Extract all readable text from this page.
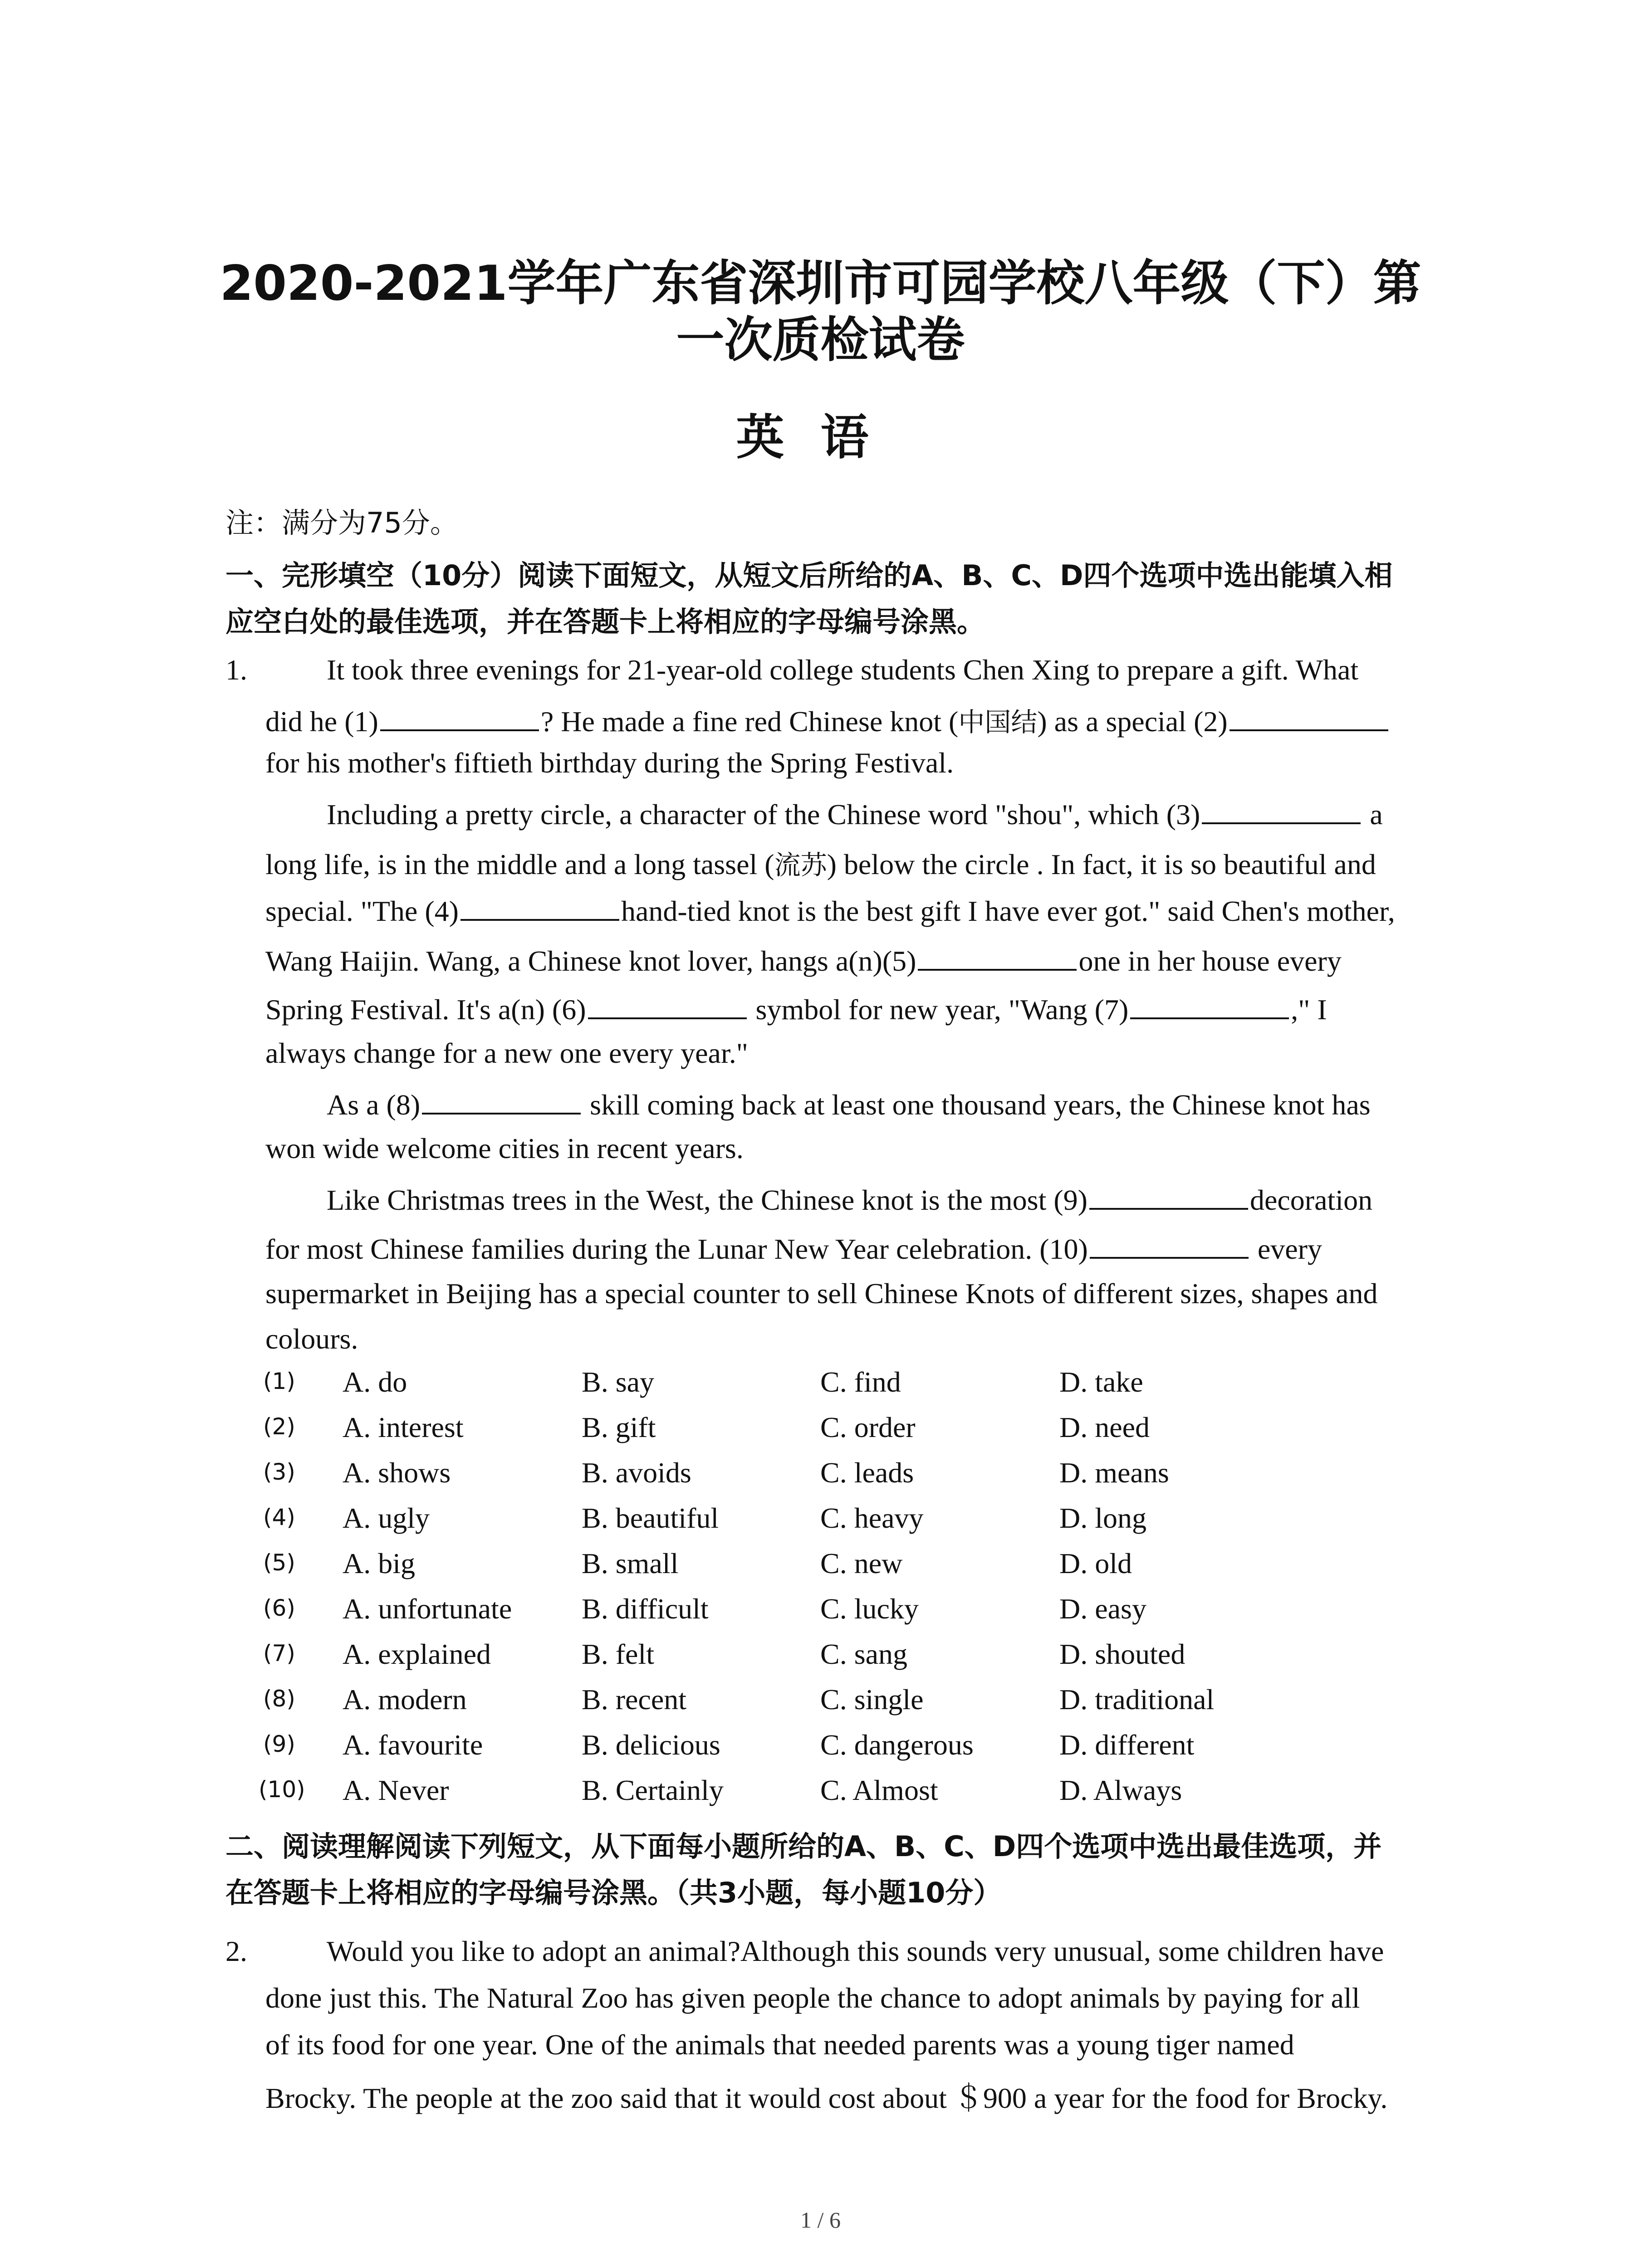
2020-2021学年广东省深圳市可园学校八年级（下）第
一次质检试卷
英语
注：满分为75分。
一、完形填空（10分）阅读下面短文，从短文后所给的A、B、C、D四个选项中选出能填入相
应空白处的最佳选项，并在答题卡上将相应的字母编号涂黑。
1.	It took three evenings for 21-year-old college students Chen Xing to prepare a gift. What
did he (1)	? He made a fine red Chinese knot (中国结) as a special (2)
for his mother's fiftieth birthday during the Spring Festival.
Including a pretty circle, a character of the Chinese word "shou", which (3)	a
long life, is in the middle and a long tassel (流苏) below the circle . In fact, it is so beautiful and
special. "The (4)	hand-tied knot is the best gift I have ever got." said Chen's mother,
Wang Haijin. Wang, a Chinese knot lover, hangs a(n)(5)	one in her house every
Spring Festival. It's a(n) (6)	symbol for new year, "Wang (7)	," I
always change for a new one every year."
As a (8)	skill coming back at least one thousand years, the Chinese knot has
won wide welcome cities in recent years.
Like Christmas trees in the West, the Chinese knot is the most (9)	decoration
for most Chinese families during the Lunar New Year celebration. (10)	every
supermarket in Beijing has a special counter to sell Chinese Knots of different sizes, shapes and
colours.
(1) A. do	B. say	C. find	D. take
(2) A. interest	B. gift	C. order	D. need
(3) A. shows	B. avoids	C. leads	D. means
(4) A. ugly	B. beautiful	C. heavy	D. long
(5) A. big	B. small	C. new	D. old
(6) A. unfortunate B. difficult	C. lucky	D. easy
(7) A. explained	B. felt	C. sang	D. shouted
(8) A. modern	B. recent	C. single	D. traditional
(9) A. favourite	B. delicious	C. dangerous	D. different
(10) A. Never	B. Certainly	C. Almost	D. Always
二、阅读理解阅读下列短文，从下面每小题所给的A、B、C、D四个选项中选出最佳选项，并
在答题卡上将相应的字母编号涂黑。（共3小题，每小题10分）
2.	Would you like to adopt an animal?Although this sounds very unusual, some children have
done just this. The Natural Zoo has given people the chance to adopt animals by paying for all
of its food for one year. One of the animals that needed parents was a young tiger named
Brocky. The people at the zoo said that it would cost about ＄900 a year for the food for Brocky.
1 / 6
